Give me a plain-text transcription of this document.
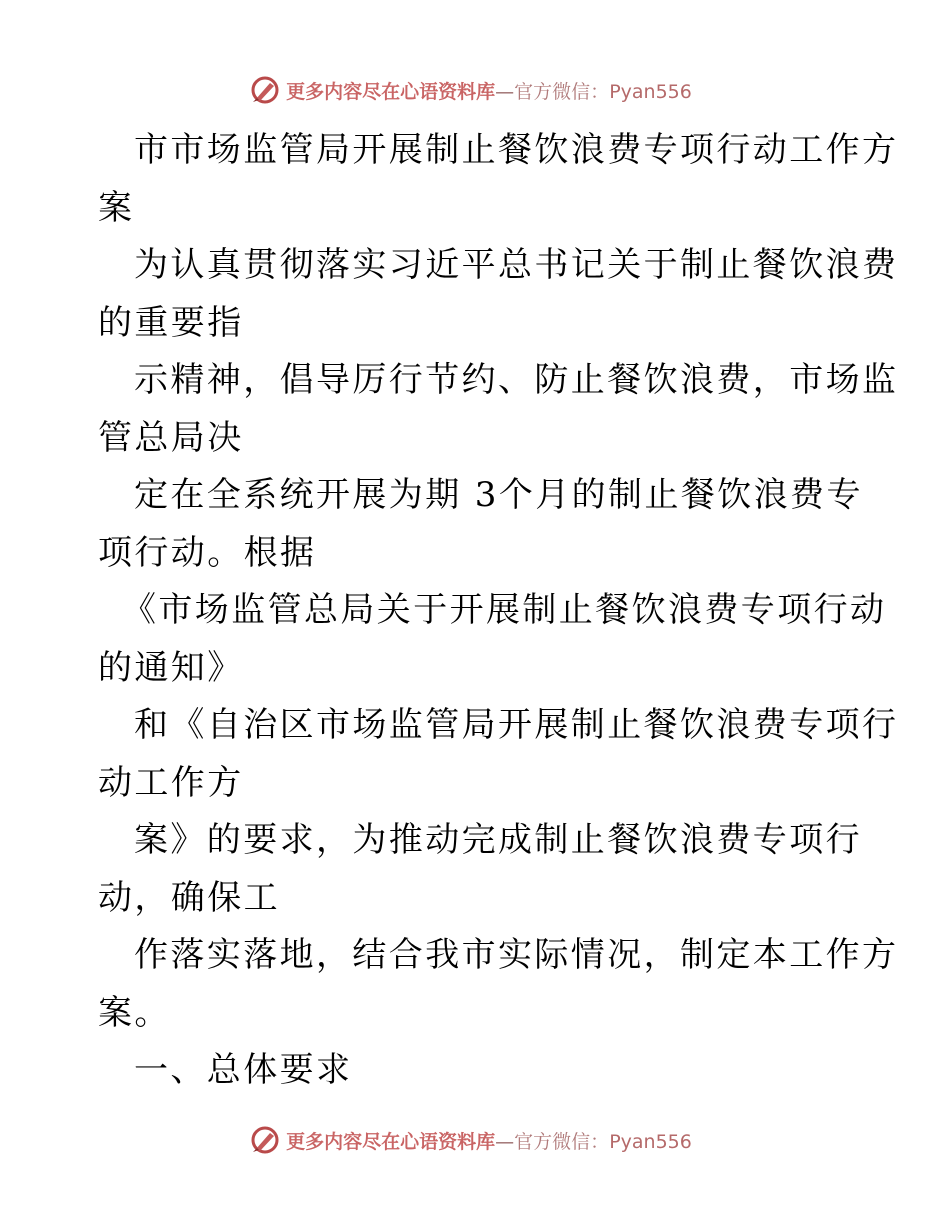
更多内容尽在心语资料库—官方微信：Pyan556
市市场监管局开展制止餐饮浪费专项行动工作方
案
为认真贯彻落实习近平总书记关于制止餐饮浪费
的重要指
示精神，倡导厉行节约、防止餐饮浪费，市场监
管总局决
定在全系统开展为期 3个月的制止餐饮浪费专
项行动。根据
《市场监管总局关于开展制止餐饮浪费专项行动
的通知》
和《自治区市场监管局开展制止餐饮浪费专项行
动工作方
案》的要求，为推动完成制止餐饮浪费专项行
动，确保工
作落实落地，结合我市实际情况，制定本工作方
案。
一、总体要求
更多内容尽在心语资料库—官方微信：Pyan556
